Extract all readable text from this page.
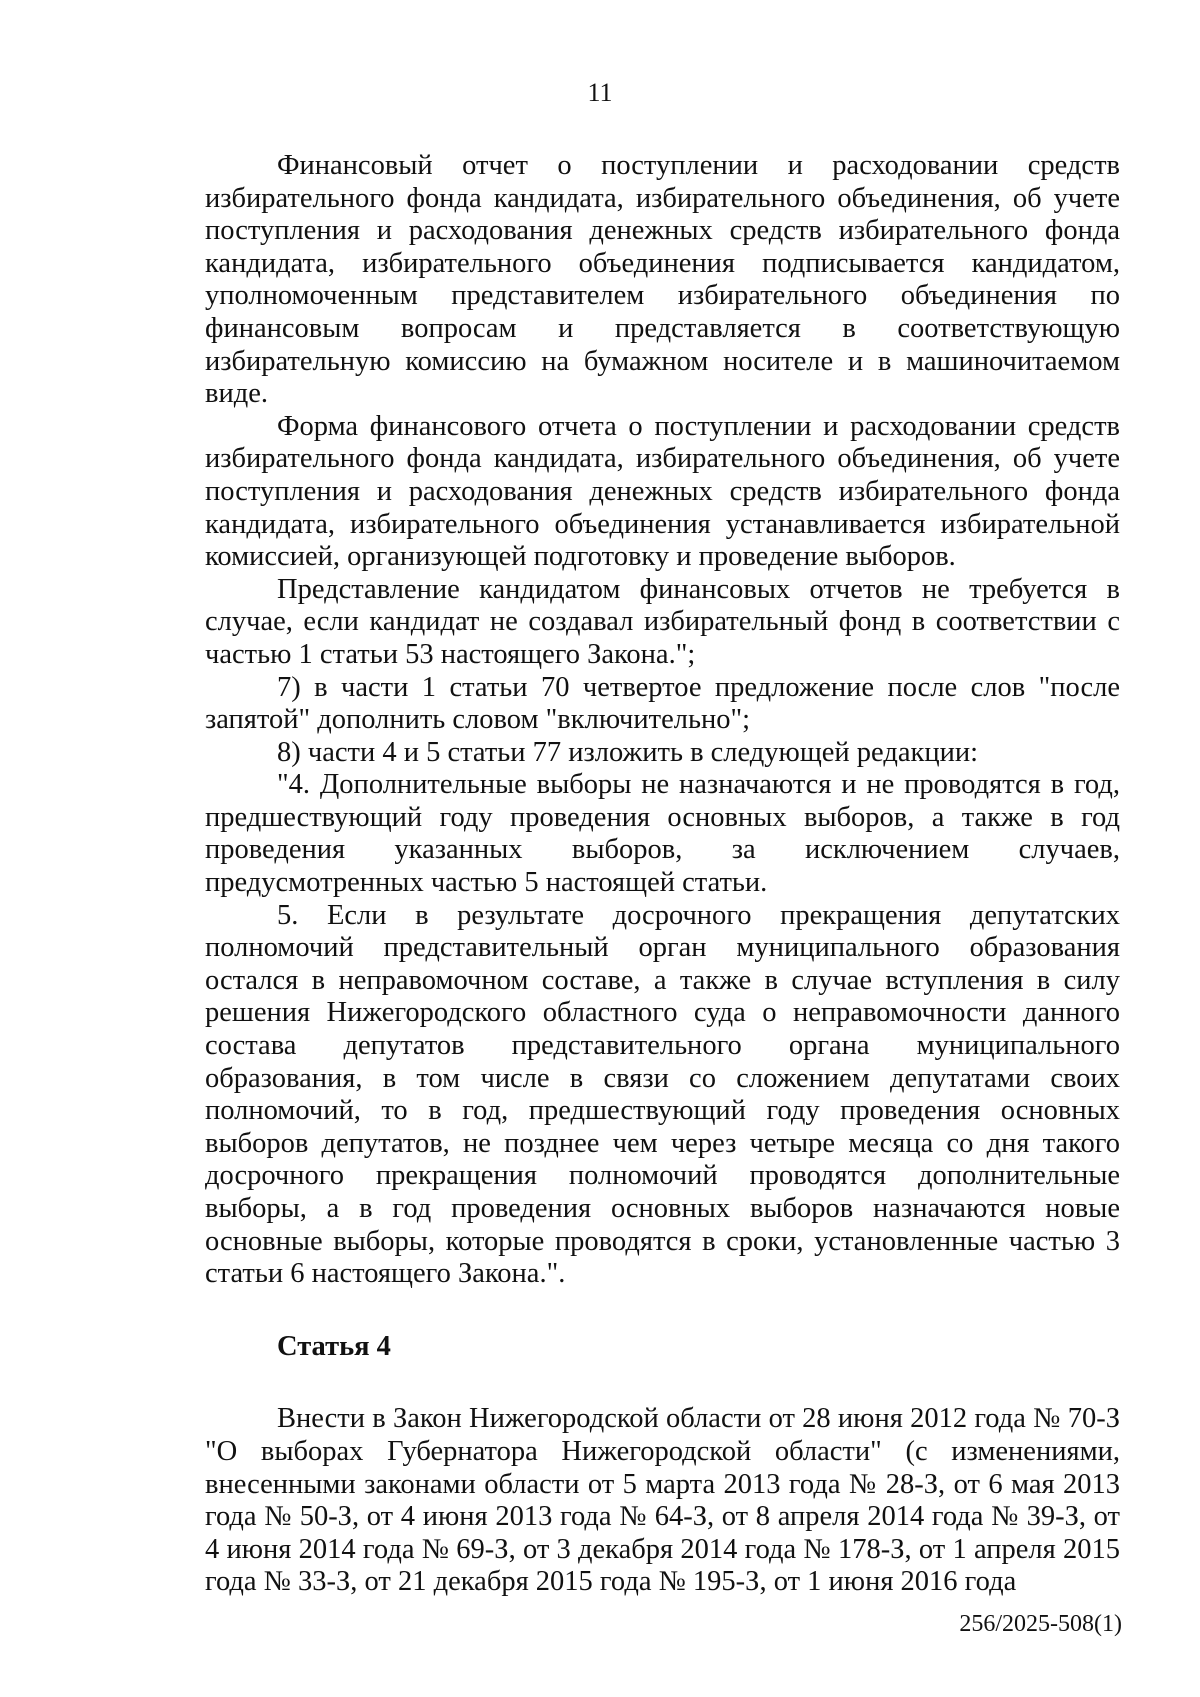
11

Финансовый отчет о поступлении и расходовании средств избирательного фонда кандидата, избирательного объединения, об учете поступления и расходования денежных средств избирательного фонда кандидата, избирательного объединения подписывается кандидатом, уполномоченным представителем избирательного объединения по финансовым вопросам и представляется в соответствующую избирательную комиссию на бумажном носителе и в машиночитаемом виде.

Форма финансового отчета о поступлении и расходовании средств избирательного фонда кандидата, избирательного объединения, об учете поступления и расходования денежных средств избирательного фонда кандидата, избирательного объединения устанавливается избирательной комиссией, организующей подготовку и проведение выборов.

Представление кандидатом финансовых отчетов не требуется в случае, если кандидат не создавал избирательный фонд в соответствии с частью 1 статьи 53 настоящего Закона.";

7) в части 1 статьи 70 четвертое предложение после слов "после запятой" дополнить словом "включительно";

8) части 4 и 5 статьи 77 изложить в следующей редакции:

"4. Дополнительные выборы не назначаются и не проводятся в год, предшествующий году проведения основных выборов, а также в год проведения указанных выборов, за исключением случаев, предусмотренных частью 5 настоящей статьи.

5. Если в результате досрочного прекращения депутатских полномочий представительный орган муниципального образования остался в неправомочном составе, а также в случае вступления в силу решения Нижегородского областного суда о неправомочности данного состава депутатов представительного органа муниципального образования, в том числе в связи со сложением депутатами своих полномочий, то в год, предшествующий году проведения основных выборов депутатов, не позднее чем через четыре месяца со дня такого досрочного прекращения полномочий проводятся дополнительные выборы, а в год проведения основных выборов назначаются новые основные выборы, которые проводятся в сроки, установленные частью 3 статьи 6 настоящего Закона.".

Статья 4

Внести в Закон Нижегородской области от 28 июня 2012 года № 70-З "О выборах Губернатора Нижегородской области" (с изменениями, внесенными законами области от 5 марта 2013 года № 28-З, от 6 мая 2013 года № 50-З, от 4 июня 2013 года № 64-З, от 8 апреля 2014 года № 39-З, от 4 июня 2014 года № 69-З, от 3 декабря 2014 года № 178-З, от 1 апреля 2015 года № 33-З, от 21 декабря 2015 года № 195-З, от 1 июня 2016 года

256/2025-508(1)
